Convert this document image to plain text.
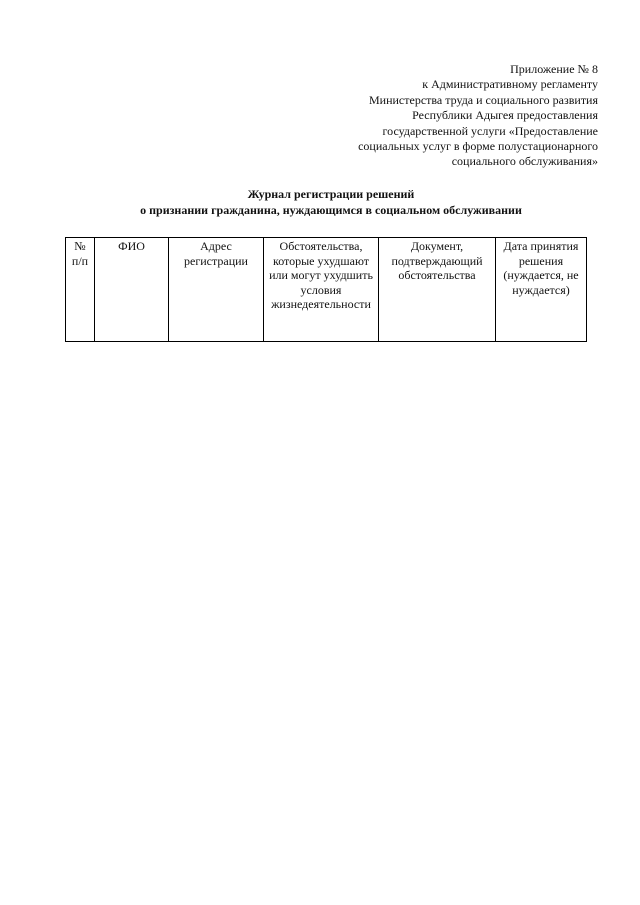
Приложение № 8
к Административному регламенту
Министерства труда и социального развития
Республики Адыгея предоставления
государственной услуги «Предоставление
социальных услуг в форме полустационарного
социального обслуживания»
Журнал регистрации решений
о признании гражданина, нуждающимся в социальном обслуживании
№ п/п	ФИО	Адрес регистрации	Обстоятельства, которые ухудшают или могут ухудшить условия жизнедеятельности	Документ, подтверждающий обстоятельства	Дата принятия решения (нуждается, не нуждается)
